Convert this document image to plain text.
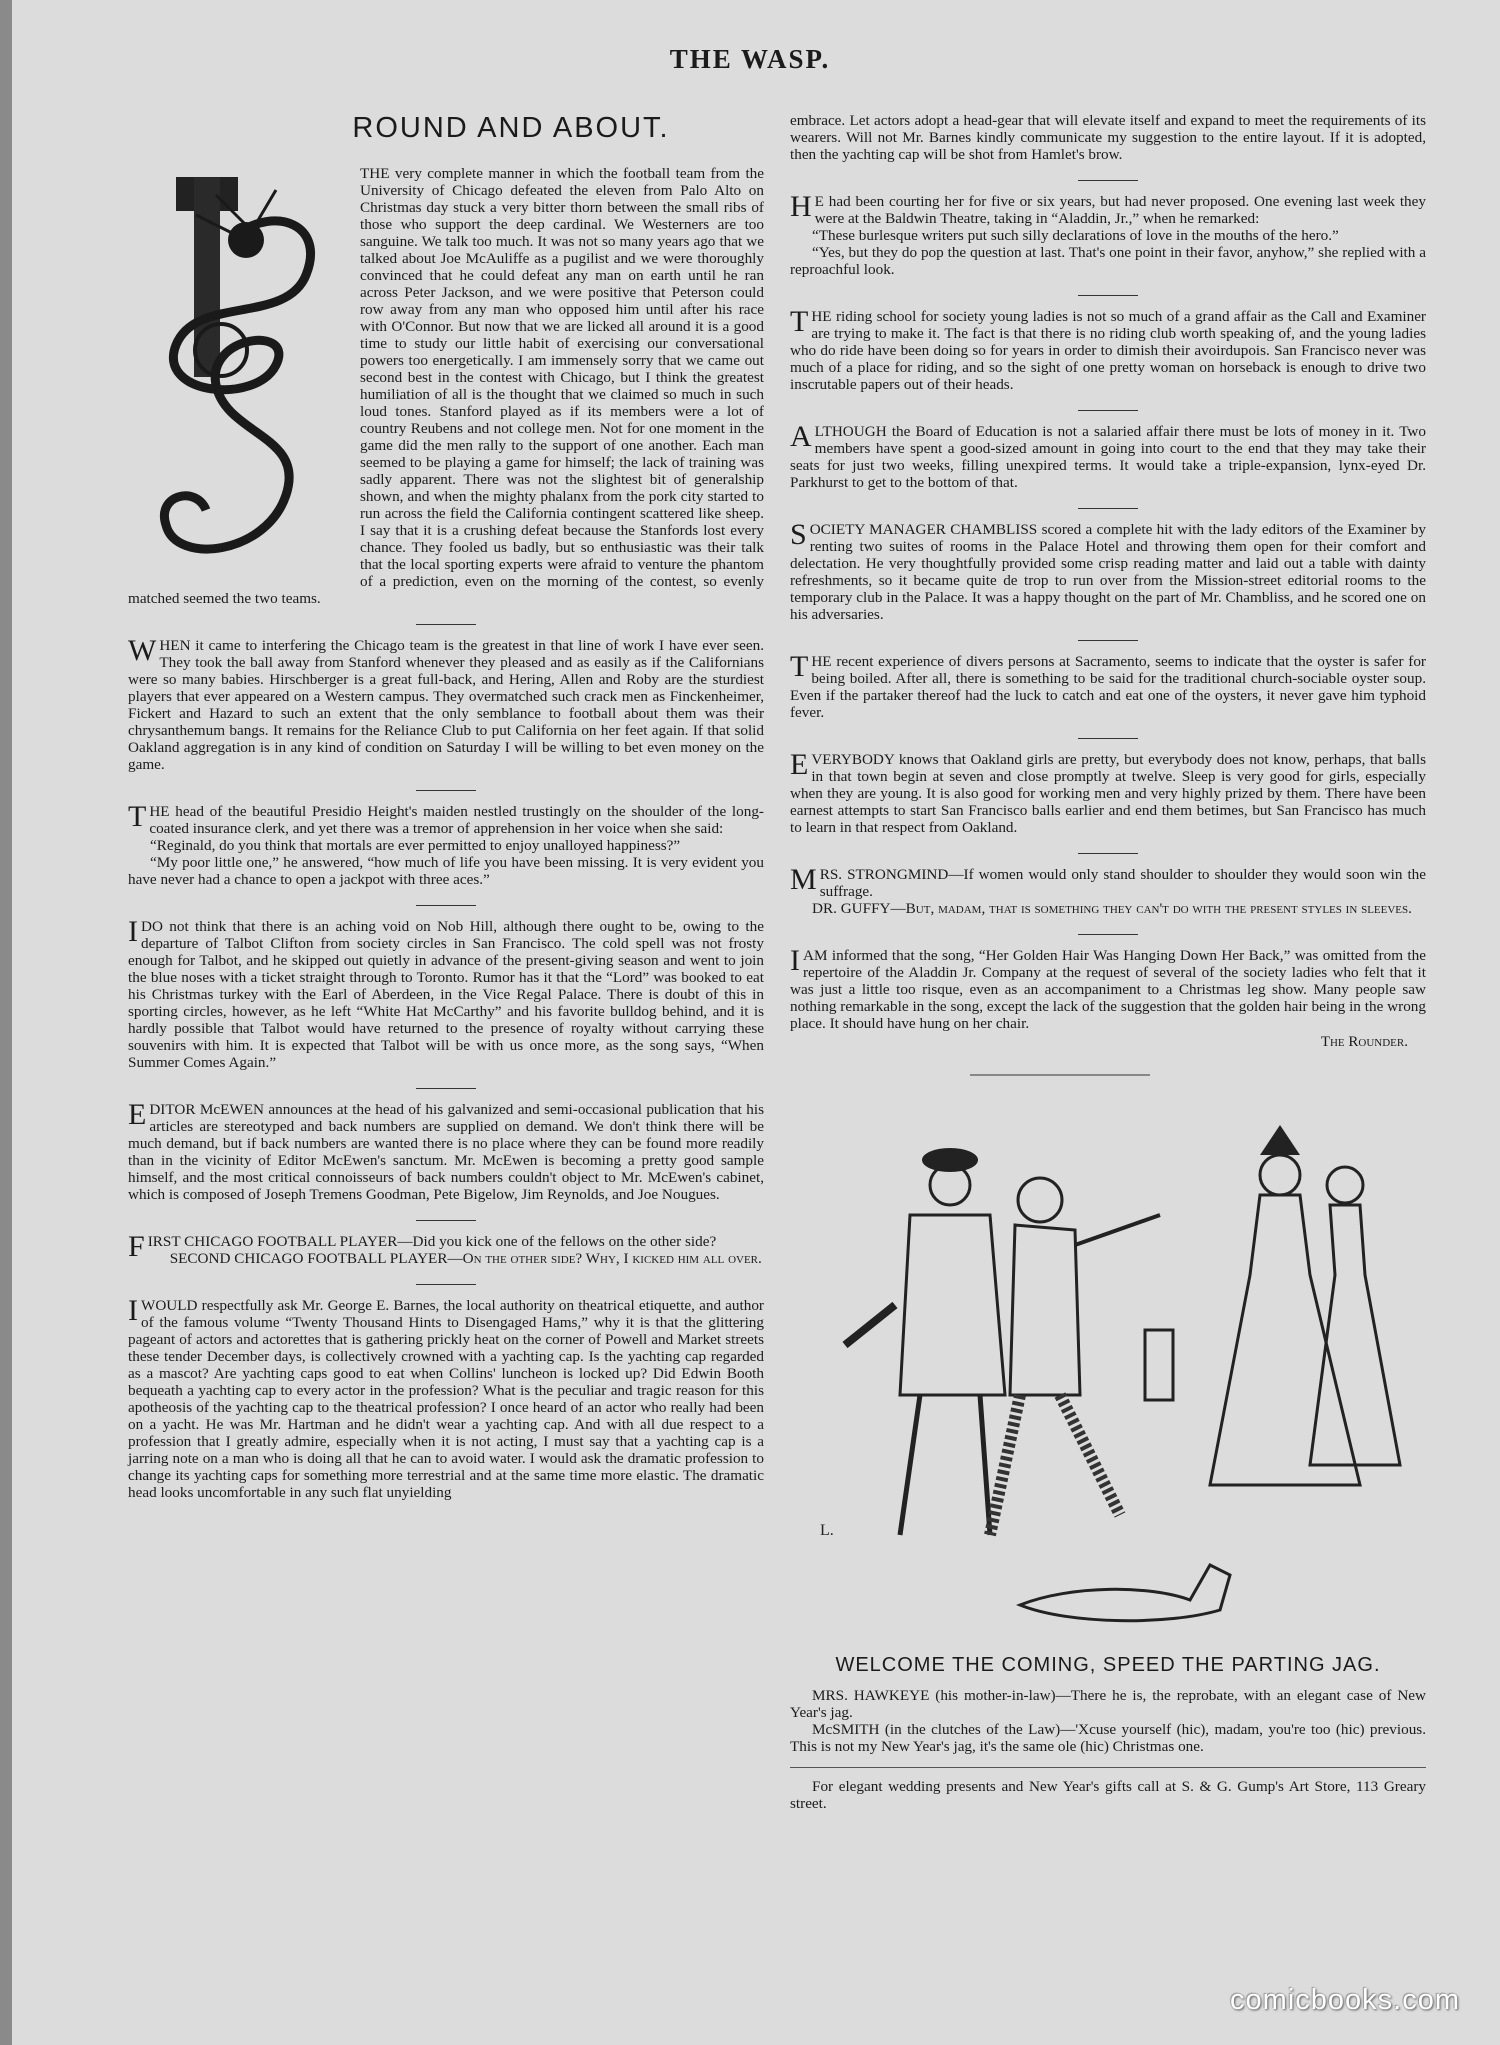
THE WASP.
ROUND AND ABOUT.

THE very complete manner in which the football team from the University of Chicago defeated the eleven from Palo Alto on Christmas day stuck a very bitter thorn between the small ribs of those who support the deep cardinal. We Westerners are too sanguine. We talk too much. It was not so many years ago that we talked about Joe McAuliffe as a pugilist and we were thoroughly convinced that he could defeat any man on earth until he ran across Peter Jackson, and we were positive that Peterson could row away from any man who opposed him until after his race with O'Connor. But now that we are licked all around it is a good time to study our little habit of exercising our conversational powers too energetically. I am immensely sorry that we came out second best in the contest with Chicago, but I think the greatest humiliation of all is the thought that we claimed so much in such loud tones. Stanford played as if its members were a lot of country Reubens and not college men. Not for one moment in the game did the men rally to the support of one another. Each man seemed to be playing a game for himself; the lack of training was sadly apparent. There was not the slightest bit of generalship shown, and when the mighty phalanx from the pork city started to run across the field the California contingent scattered like sheep. I say that it is a crushing defeat because the Stanfords lost every chance. They fooled us badly, but so enthusiastic was their talk that the local sporting experts were afraid to venture the phantom of a prediction, even on the morning of the contest, so evenly matched seemed the two teams.

WHEN it came to interfering the Chicago team is the greatest in that line of work I have ever seen. They took the ball away from Stanford whenever they pleased and as easily as if the Californians were so many babies. Hirschberger is a great full-back, and Hering, Allen and Roby are the sturdiest players that ever appeared on a Western campus. They overmatched such crack men as Finckenheimer, Fickert and Hazard to such an extent that the only semblance to football about them was their chrysanthemum bangs. It remains for the Reliance Club to put California on her feet again. If that solid Oakland aggregation is in any kind of condition on Saturday I will be willing to bet even money on the game.

THE head of the beautiful Presidio Height's maiden nestled trustingly on the shoulder of the long-coated insurance clerk, and yet there was a tremor of apprehension in her voice when she said:

“Reginald, do you think that mortals are ever permitted to enjoy unalloyed happiness?”

“My poor little one,” he answered, “how much of life you have been missing. It is very evident you have never had a chance to open a jackpot with three aces.”

IDO not think that there is an aching void on Nob Hill, although there ought to be, owing to the departure of Talbot Clifton from society circles in San Francisco. The cold spell was not frosty enough for Talbot, and he skipped out quietly in advance of the present-giving season and went to join the blue noses with a ticket straight through to Toronto. Rumor has it that the “Lord” was booked to eat his Christmas turkey with the Earl of Aberdeen, in the Vice Regal Palace. There is doubt of this in sporting circles, however, as he left “White Hat McCarthy” and his favorite bulldog behind, and it is hardly possible that Talbot would have returned to the presence of royalty without carrying these souvenirs with him. It is expected that Talbot will be with us once more, as the song says, “When Summer Comes Again.”

EDITOR McEWEN announces at the head of his galvanized and semi-occasional publication that his articles are stereotyped and back numbers are supplied on demand. We don't think there will be much demand, but if back numbers are wanted there is no place where they can be found more readily than in the vicinity of Editor McEwen's sanctum. Mr. McEwen is becoming a pretty good sample himself, and the most critical connoisseurs of back numbers couldn't object to Mr. McEwen's cabinet, which is composed of Joseph Tremens Goodman, Pete Bigelow, Jim Reynolds, and Joe Nougues.

FIRST CHICAGO FOOTBALL PLAYER—Did you kick one of the fellows on the other side?

SECOND CHICAGO FOOTBALL PLAYER—On the other side? Why, I kicked him all over.

IWOULD respectfully ask Mr. George E. Barnes, the local authority on theatrical etiquette, and author of the famous volume “Twenty Thousand Hints to Disengaged Hams,” why it is that the glittering pageant of actors and actorettes that is gathering prickly heat on the corner of Powell and Market streets these tender December days, is collectively crowned with a yachting cap. Is the yachting cap regarded as a mascot? Are yachting caps good to eat when Collins' luncheon is locked up? Did Edwin Booth bequeath a yachting cap to every actor in the profession? What is the peculiar and tragic reason for this apotheosis of the yachting cap to the theatrical profession? I once heard of an actor who really had been on a yacht. He was Mr. Hartman and he didn't wear a yachting cap. And with all due respect to a profession that I greatly admire, especially when it is not acting, I must say that a yachting cap is a jarring note on a man who is doing all that he can to avoid water. I would ask the dramatic profession to change its yachting caps for something more terrestrial and at the same time more elastic. The dramatic head looks uncomfortable in any such flat unyielding

embrace. Let actors adopt a head-gear that will elevate itself and expand to meet the requirements of its wearers. Will not Mr. Barnes kindly communicate my suggestion to the entire layout. If it is adopted, then the yachting cap will be shot from Hamlet's brow.

H E had been courting her for five or six years, but had never proposed. One evening last week they were at the Baldwin Theatre, taking in “Aladdin, Jr.,” when he remarked:

“These burlesque writers put such silly declarations of love in the mouths of the hero.”

“Yes, but they do pop the question at last. That's one point in their favor, anyhow,” she replied with a reproachful look.

THE riding school for society young ladies is not so much of a grand affair as the Call and Examiner are trying to make it. The fact is that there is no riding club worth speaking of, and the young ladies who do ride have been doing so for years in order to dimish their avoirdupois. San Francisco never was much of a place for riding, and so the sight of one pretty woman on horseback is enough to drive two inscrutable papers out of their heads.

ALTHOUGH the Board of Education is not a salaried affair there must be lots of money in it. Two members have spent a good-sized amount in going into court to the end that they may take their seats for just two weeks, filling unexpired terms. It would take a triple-expansion, lynx-eyed Dr. Parkhurst to get to the bottom of that.

SOCIETY MANAGER CHAMBLISS scored a complete hit with the lady editors of the Examiner by renting two suites of rooms in the Palace Hotel and throwing them open for their comfort and delectation. He very thoughtfully provided some crisp reading matter and laid out a table with dainty refreshments, so it became quite de trop to run over from the Mission-street editorial rooms to the temporary club in the Palace. It was a happy thought on the part of Mr. Chambliss, and he scored one on his adversaries.

THE recent experience of divers persons at Sacramento, seems to indicate that the oyster is safer for being boiled. After all, there is something to be said for the traditional church-sociable oyster soup. Even if the partaker thereof had the luck to catch and eat one of the oysters, it never gave him typhoid fever.

EVERYBODY knows that Oakland girls are pretty, but everybody does not know, perhaps, that balls in that town begin at seven and close promptly at twelve. Sleep is very good for girls, especially when they are young. It is also good for working men and very highly prized by them. There have been earnest attempts to start San Francisco balls earlier and end them betimes, but San Francisco has much to learn in that respect from Oakland.

MRS. STRONGMIND—If women would only stand shoulder to shoulder they would soon win the suffrage.

DR. GUFFY—But, madam, that is something they can't do with the present styles in sleeves.

IAM informed that the song, “Her Golden Hair Was Hanging Down Her Back,” was omitted from the repertoire of the Aladdin Jr. Company at the request of several of the society ladies who felt that it was just a little too risque, even as an accompaniment to a Christmas leg show. Many people saw nothing remarkable in the song, except the lack of the suggestion that the golden hair being in the wrong place. It should have hung on her chair.

The Rounder.
L.
WELCOME THE COMING, SPEED THE PARTING JAG.

MRS. HAWKEYE (his mother-in-law)—There he is, the reprobate, with an elegant case of New Year's jag.

McSMITH (in the clutches of the Law)—'Xcuse yourself (hic), madam, you're too (hic) previous. This is not my New Year's jag, it's the same ole (hic) Christmas one.

For elegant wedding presents and New Year's gifts call at S. & G. Gump's Art Store, 113 Greary street.

comicbooks.com
